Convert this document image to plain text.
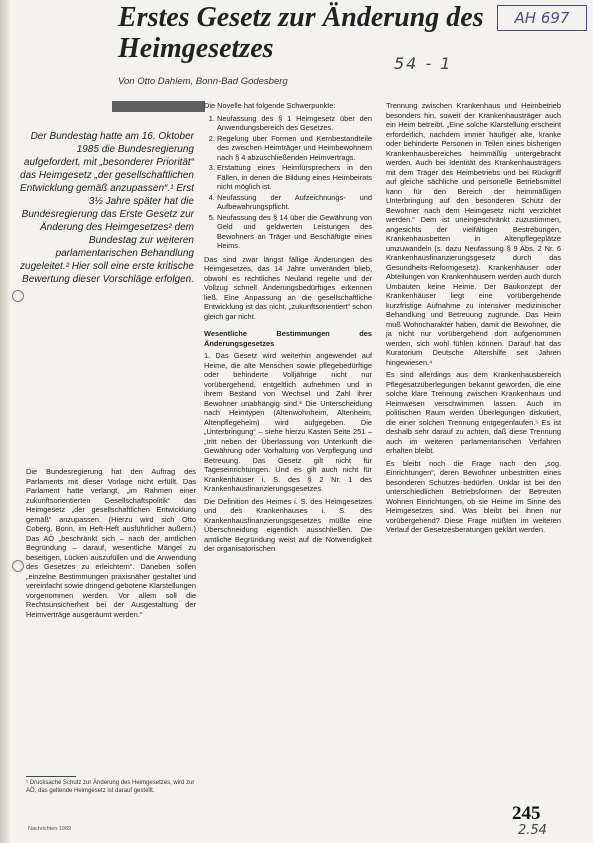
Erstes Gesetz zur Änderung des Heimgesetzes
Von Otto Dahlem, Bonn-Bad Godesberg
AH 697
54 - 1

Der Bundestag hatte am 16. Oktober 1985 die Bundesregierung aufgefordert, mit „besonderer Priorität“ das Heimgesetz „der gesellschaftlichen Entwicklung gemäß anzupassen“.¹ Erst 3½ Jahre später hat die Bundesregierung das Erste Gesetz zur Änderung des Heimgesetzes² dem Bundestag zur weiteren parlamentarischen Behandlung zugeleitet.² Hier soll eine erste kritische Bewertung dieser Vorschläge erfolgen.

Die Bundesregierung hat den Auftrag des Parlaments mit dieser Vorlage nicht erfüllt. Das Parlament hatte verlangt, „im Rahmen einer zukunftsorientierten Gesellschaftspolitik“ das Heimgesetz „der gesellschaftlichen Entwicklung gemäß“ anzupassen. (Hierzu wird sich Otto Coberg, Bonn, im Heft-Heft ausführlicher äußern.) Das AÖ „beschränkt sich – nach der amtlichen Begründung – darauf, wesentliche Mängel zu beseitigen, Lücken auszufüllen und die Anwendung des Gesetzes zu erleichtern“. Daneben sollen „einzelne Bestimmungen praxisnäher gestaltet und vereinfacht sowie dringend gebotene Klarstellungen vorgenommen werden. Vor allem soll die Rechtsunsicherheit bei der Ausgestaltung der Heimverträge ausgeräumt werden.“

¹ Drucksache Schutz zur Änderung des Heimgesetzes, wird zur AÖ, das geltende Heimgesetz ist darauf gestellt.
Nachrichten 1989

Die Novelle hat folgende Schwerpunkte:

1. Neufassung des § 1 Heimgesetz über den Anwendungsbereich des Gesetzes.
2. Regelung über Formen und Kernbestandteile des zwischen Heimträger und Heimbewohnern nach § 4 abzuschließenden Heimvertrags.
3. Erstattung eines Heimfürsprechers in den Fällen, in denen die Bildung eines Heimbeirats nicht möglich ist.
4. Neufassung der Aufzeichnungs- und Aufbewahrungspflicht.
5. Neufassung des § 14 über die Gewährung von Geld und geldwerten Leistungen des Bewohners an Träger und Beschäftigte eines Heims.

Das sind zwar längst fällige Änderungen des Heimgesetzes, das 14 Jahre unverändert blieb, obwohl es rechtliches Neuland regelte und der Vollzug schnell Änderungsbedürftiges erkennen ließ. Eine Anpassung an die gesellschaftliche Entwicklung ist das nicht, „zukunftsorientiert“ schon gleich gar nicht.

Wesentliche Bestimmungen des Änderungsgesetzes

1. Das Gesetz wird weiterhin angewendet auf Heime, die alte Menschen sowie pflegebedürftige oder behinderte Volljährige nicht nur vorübergehend, entgeltlich aufnehmen und in ihrem Bestand von Wechsel und Zahl ihrer Bewohner unabhängig sind.³ Die Unterscheidung nach Heimtypen (Altenwohnheim, Altenheim, Altenpflegeheim) wird aufgegeben. Die „Unterbringung“ – siehe hierzu Kasten Seite 251 – „tritt neben der Überlassung von Unterkunft die Gewährung oder Vorhaltung von Verpflegung und Betreuung. Das Gesetz gilt nicht für Tageseinrichtungen. Und es gilt auch nicht für Krankenhäuser i. S. des § 2 Nr. 1 des Krankenhausfinanzierungsgesetzes.

Die Definition des Heimes i. S. des Heimgesetzes und des Krankenhauses i. S. des Krankenhausfinanzierungsgesetzes müßte eine Überschneidung eigentlich ausschließen. Die amtliche Begründung weist auf die Notwendigkeit der organisatorischen

Trennung zwischen Krankenhaus und Heimbetrieb besonders hin, soweit der Krankenhausträger auch ein Heim betreibt. „Eine solche Klarstellung erscheint erforderlich, nachdem immer häufiger alte, kranke oder behinderte Personen in Teilen eines bisherigen Krankenhausbereiches heimmäßig untergebracht werden. Auch bei Identität des Krankenhausträgers mit dem Träger des Heimbetriebs und bei Rückgriff auf gleiche sächliche und personelle Betriebsmittel kann für den Bereich der heimmäßigen Unterbringung auf den besonderen Schutz der Bewohner nach dem Heimgesetz nicht verzichtet werden.“ Dem ist uneingeschränkt zuzustimmen, angesichts der vielfältigen Bestrebungen, Krankenhausbetten in Altenpflegeplätze umzuwandeln (s. dazu Neufassung § 9 Abs. 2 Nr. 6 Krankenhausfinanzierungsgesetz durch das Gesundheits-Reformgesetz). Krankenhäuser oder Abteilungen von Krankenhäusern werden auch durch Umbauten keine Heime. Der Baukonzept der Krankenhäuser liegt eine vorübergehende kurzfristige Aufnahme zu intensiver medizinischer Behandlung und Betreuung zugrunde. Das Heim muß Wohncharakter haben, damit die Bewohner, die ja nicht nur vorübergehend dort aufgenommen werden, sich wohl fühlen können. Darauf hat das Kuratorium Deutsche Altershilfe seit Jahren hingewiesen.⁴

Es sind allerdings aus dem Krankenhausbereich Pflegesatzüberlegungen bekannt geworden, die eine solche klare Trennung zwischen Krankenhaus und Heimwesen verschwimmen lassen. Auch im politischen Raum werden Überlegungen diskutiert, die einer solchen Trennung entgegenlaufen.⁵ Es ist deshalb sehr darauf zu achten, daß diese Trennung auch im weiteren parlamentarischen Verfahren erhalten bleibt.

Es bleibt noch die Frage nach den „sog. Einrichtungen“, deren Bewohner unbestritten eines besonderen Schutzes bedürfen. Unklar ist bei den unterschiedlichen Betriebsformen der Betreuten Wohnen Einrichtungen, ob sie Heime im Sinne des Heimgesetzes sind. Was bleibt bei ihnen nur vorübergehend? Diese Frage müßten im weiteren Verlauf der Gesetzesberatungen geklärt werden.

245
2.54
